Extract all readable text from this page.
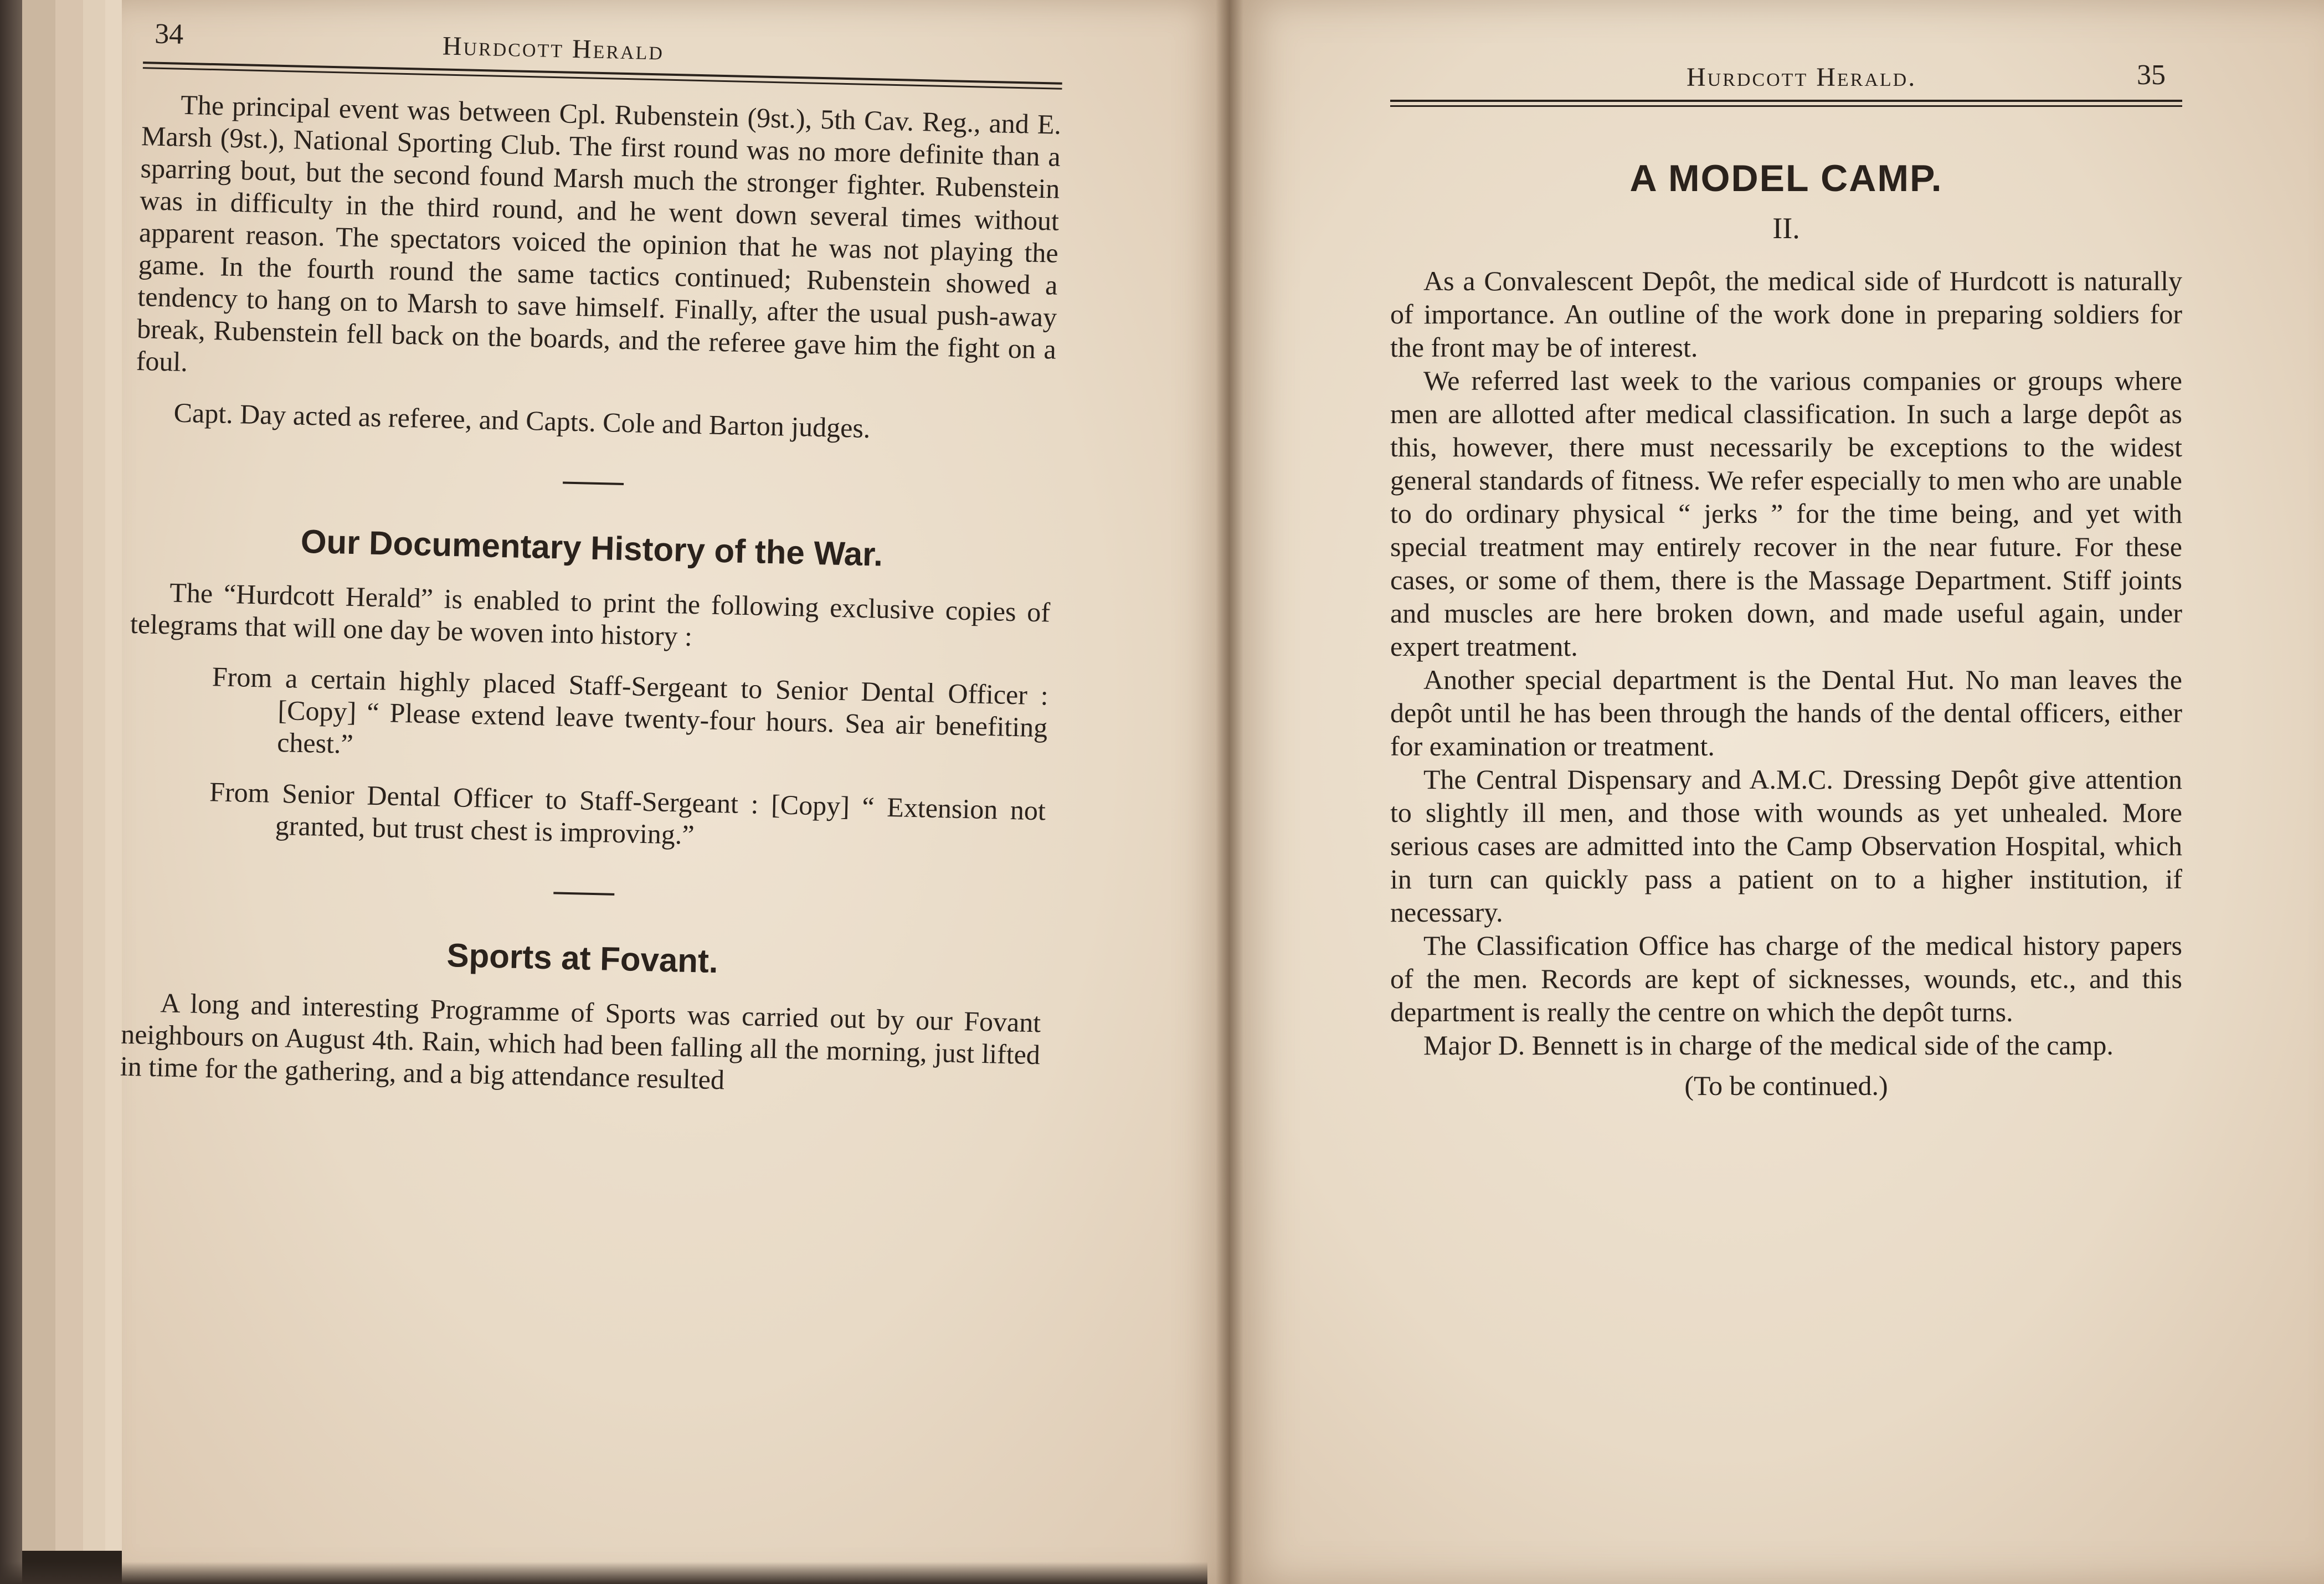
34	Hurdcott Herald

The principal event was between Cpl. Rubenstein (9st.), 5th Cav. Reg., and E. Marsh (9st.), National Sporting Club. The first round was no more definite than a sparring bout, but the second found Marsh much the stronger fighter. Rubenstein was in difficulty in the third round, and he went down several times without apparent reason. The spectators voiced the opinion that he was not playing the game. In the fourth round the same tactics continued; Rubenstein showed a tendency to hang on to Marsh to save himself. Finally, after the usual push-away break, Rubenstein fell back on the boards, and the referee gave him the fight on a foul.

Capt. Day acted as referee, and Capts. Cole and Barton judges.

Our Documentary History of the War.

The “Hurdcott Herald” is enabled to print the following exclusive copies of telegrams that will one day be woven into history :

From a certain highly placed Staff-Sergeant to Senior Dental Officer : [Copy] “ Please extend leave twenty-four hours. Sea air benefiting chest.”

From Senior Dental Officer to Staff-Sergeant : [Copy] “ Extension not granted, but trust chest is improving.”

Sports at Fovant.

A long and interesting Programme of Sports was carried out by our Fovant neighbours on August 4th. Rain, which had been falling all the morning, just lifted in time for the gathering, and a big attendance resulted

Hurdcott Herald.	35
A MODEL CAMP.

II.

As a Convalescent Depôt, the medical side of Hurdcott is naturally of importance. An outline of the work done in preparing soldiers for the front may be of interest.

We referred last week to the various companies or groups where men are allotted after medical classification. In such a large depôt as this, however, there must necessarily be exceptions to the widest general standards of fitness. We refer especially to men who are unable to do ordinary physical “ jerks ” for the time being, and yet with special treatment may entirely recover in the near future. For these cases, or some of them, there is the Massage Department. Stiff joints and muscles are here broken down, and made useful again, under expert treatment.

Another special department is the Dental Hut. No man leaves the depôt until he has been through the hands of the dental officers, either for examination or treatment.

The Central Dispensary and A.M.C. Dressing Depôt give attention to slightly ill men, and those with wounds as yet unhealed. More serious cases are admitted into the Camp Observation Hospital, which in turn can quickly pass a patient on to a higher institution, if necessary.

The Classification Office has charge of the medical history papers of the men. Records are kept of sicknesses, wounds, etc., and this department is really the centre on which the depôt turns.

Major D. Bennett is in charge of the medical side of the camp.

(To be continued.)
